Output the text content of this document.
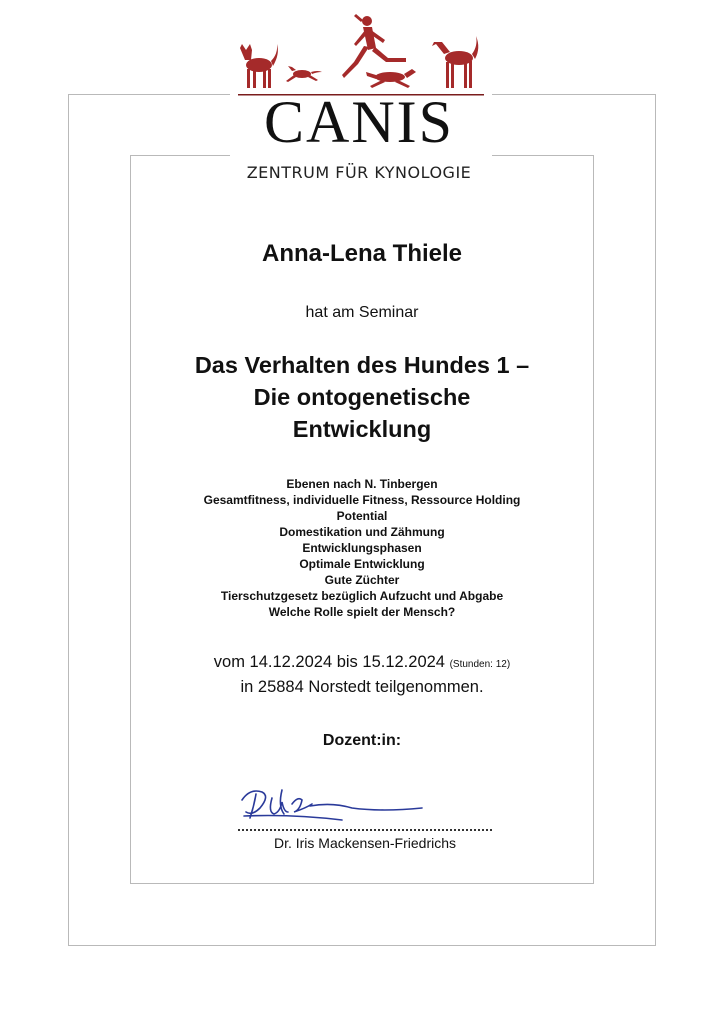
CANIS
ZENTRUM FÜR KYNOLOGIE
Anna-Lena Thiele
hat am Seminar
Das Verhalten des Hundes 1 –
Die ontogenetische
Entwicklung
Ebenen nach N. Tinbergen
Gesamtfitness, individuelle Fitness, Ressource Holding
Potential
Domestikation und Zähmung
Entwicklungsphasen
Optimale Entwicklung
Gute Züchter
Tierschutzgesetz bezüglich Aufzucht und Abgabe
Welche Rolle spielt der Mensch?
vom 14.12.2024 bis 15.12.2024 (Stunden: 12)
in 25884 Norstedt teilgenommen.
Dozent:in:
Dr. Iris Mackensen-Friedrichs
